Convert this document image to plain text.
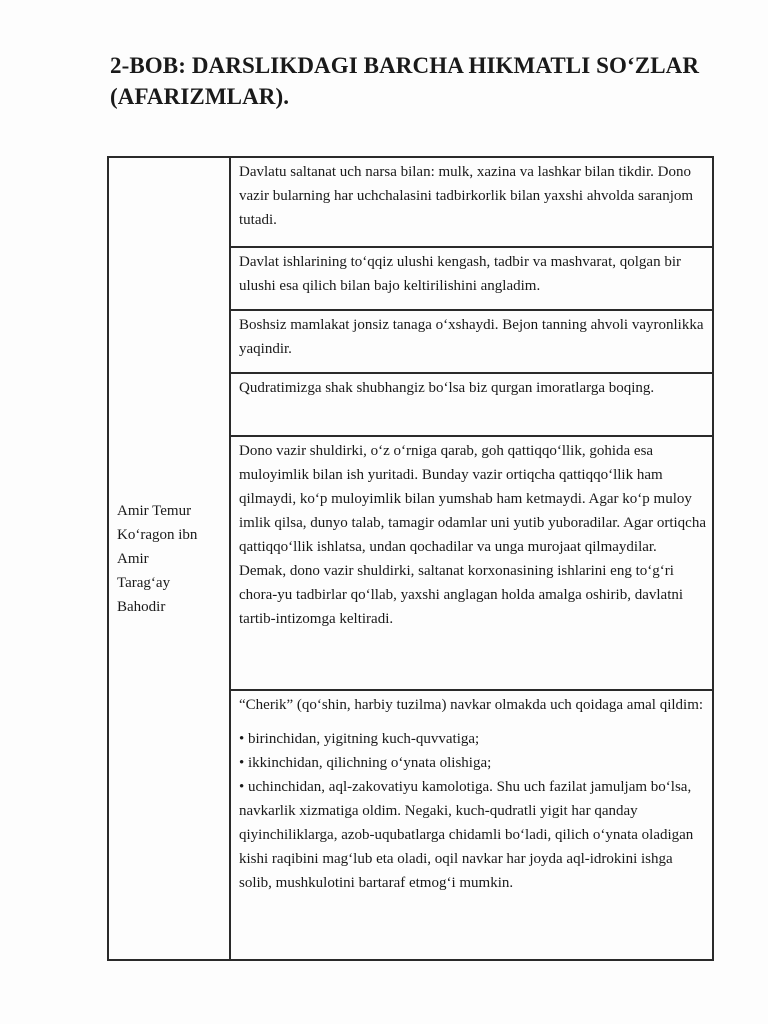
2-BOB: DARSLIKDAGI BARCHA HIKMATLI SO‘ZLAR
(AFARIZMLAR).
Amir Temur
Ko‘ragon ibn
Amir
Tarag‘ay
Bahodir
	Davlatu saltanat uch narsa bilan: mulk, xazina va lashkar bilan tikdir. Dono vazir bularning har uchchalasini tadbirkorlik bilan yaxshi ahvolda saranjom tutadi.
Davlat ishlarining to‘qqiz ulushi kengash, tadbir va mashvarat, qolgan bir ulushi esa qilich bilan bajo keltirilishini angladim.
Boshsiz mamlakat jonsiz tanaga o‘xshaydi. Bejon tanning ahvoli vayronlikka yaqindir.
Qudratimizga shak shubhangiz bo‘lsa biz qurgan imoratlarga boqing.
Dono vazir shuldirki, o‘z o‘rniga qarab, goh qattiqqo‘llik, gohida esa muloyimlik bilan ish yuritadi. Bunday vazir ortiqcha qattiqqo‘llik ham qilmaydi, ko‘p muloyimlik bilan yumshab ham ketmaydi. Agar ko‘p muloy imlik qilsa, dunyo talab, tamagir odamlar uni yutib yuboradilar. Agar ortiqcha qattiqqo‘llik ishlatsa, undan qochadilar va unga murojaat qilmaydilar. Demak, dono vazir shuldirki, saltanat korxonasining ishlarini eng to‘g‘ri chora-yu tadbirlar qo‘llab, yaxshi anglagan holda amalga oshirib, davlatni tartib-intizomga keltiradi.

“Cherik” (qo‘shin, harbiy tuzilma) navkar olmakda uch qoidaga amal qildim:
• birinchidan, yigitning kuch-quvvatiga;
• ikkinchidan, qilichning o‘ynata olishiga;
• uchinchidan, aql-zakovatiyu kamolotiga. Shu uch fazilat jamuljam bo‘lsa, navkarlik xizmatiga oldim. Negaki, kuch-qudratli yigit har qanday qiyinchiliklarga, azob-uqubatlarga chidamli bo‘ladi, qilich o‘ynata oladigan kishi raqibini mag‘lub eta oladi, oqil navkar har joyda aql-idrokini ishga solib, mushkulotini bartaraf etmog‘i mumkin.
